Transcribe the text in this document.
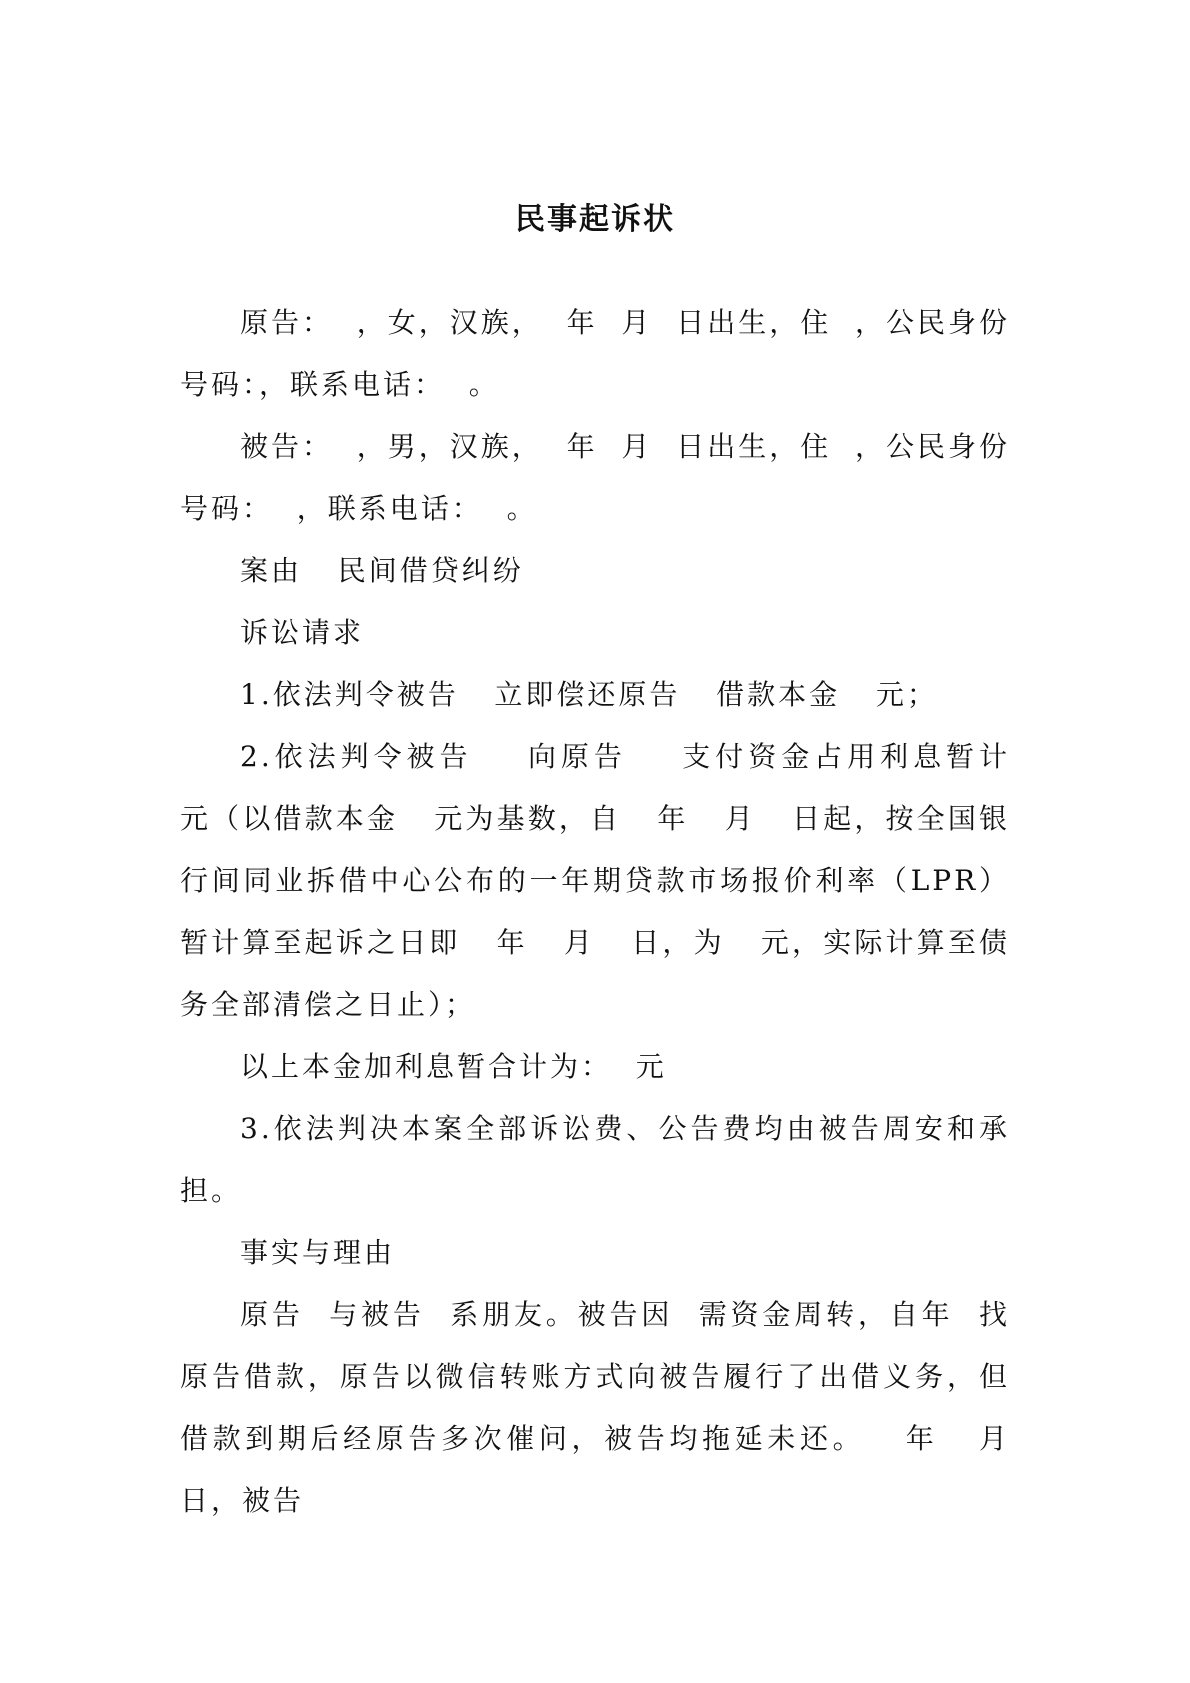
民事起诉状

原告：  ，女，汉族，  年  月  日出生，住  ，公民身份号码：，联系电话：  。

被告：  ，男，汉族，  年  月  日出生，住  ，公民身份号码：  ，联系电话：  。

案由   民间借贷纠纷

诉讼请求

1.依法判令被告   立即偿还原告   借款本金   元；

2.依法判令被告    向原告    支付资金占用利息暂计    元（以借款本金   元为基数，自   年   月   日起，按全国银行间同业拆借中心公布的一年期贷款市场报价利率（LPR）暂计算至起诉之日即   年   月   日，为   元，实际计算至债务全部清偿之日止）；

以上本金加利息暂合计为：  元

3.依法判决本案全部诉讼费、公告费均由被告周安和承担。

事实与理由

原告  与被告  系朋友。被告因  需资金周转，自年  找原告借款，原告以微信转账方式向被告履行了出借义务，但借款到期后经原告多次催问，被告均拖延未还。   年   月   日，被告
